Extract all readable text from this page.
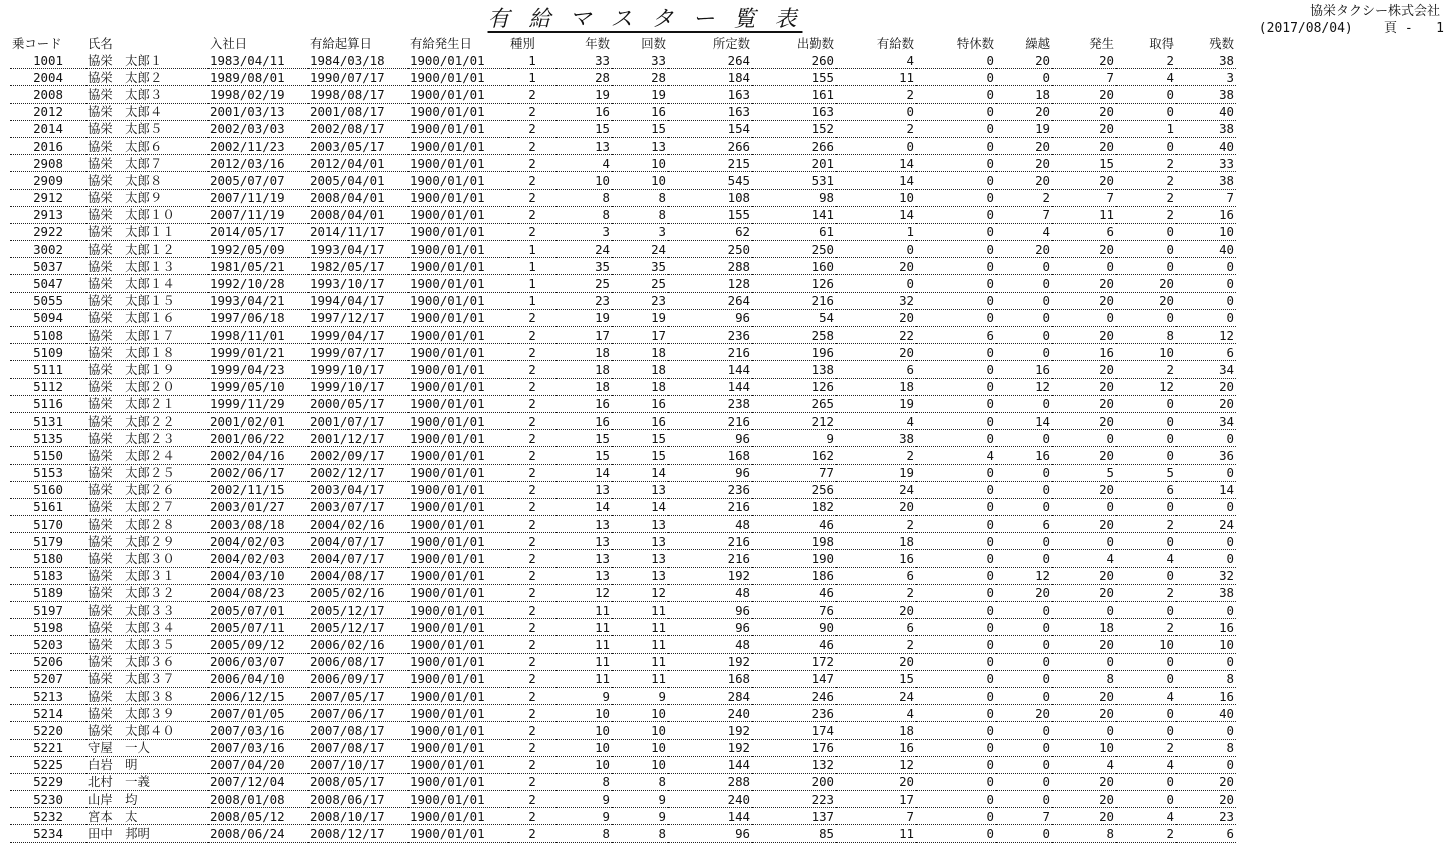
有 給 マ ス タ ー 覧 表	協栄タクシー株式会社
(2017/08/04) 頁 - 1
乗コード	氏名	入社日	有給起算日	有給発生日	種別	年数	回数	所定数	出勤数	有給数	特休数	繰越	発生	取得	残数
1001	協栄　太郎１	1983/04/11	1984/03/18	1900/01/01	1	33	33	264	260	4	0	20	20	2	38
2004	協栄　太郎２	1989/08/01	1990/07/17	1900/01/01	1	28	28	184	155	11	0	0	7	4	3
2008	協栄　太郎３	1998/02/19	1998/08/17	1900/01/01	2	19	19	163	161	2	0	18	20	0	38
2012	協栄　太郎４	2001/03/13	2001/08/17	1900/01/01	2	16	16	163	163	0	0	20	20	0	40
2014	協栄　太郎５	2002/03/03	2002/08/17	1900/01/01	2	15	15	154	152	2	0	19	20	1	38
2016	協栄　太郎６	2002/11/23	2003/05/17	1900/01/01	2	13	13	266	266	0	0	20	20	0	40
2908	協栄　太郎７	2012/03/16	2012/04/01	1900/01/01	2	4	10	215	201	14	0	20	15	2	33
2909	協栄　太郎８	2005/07/07	2005/04/01	1900/01/01	2	10	10	545	531	14	0	20	20	2	38
2912	協栄　太郎９	2007/11/19	2008/04/01	1900/01/01	2	8	8	108	98	10	0	2	7	2	7
2913	協栄　太郎１０	2007/11/19	2008/04/01	1900/01/01	2	8	8	155	141	14	0	7	11	2	16
2922	協栄　太郎１１	2014/05/17	2014/11/17	1900/01/01	2	3	3	62	61	1	0	4	6	0	10
3002	協栄　太郎１２	1992/05/09	1993/04/17	1900/01/01	1	24	24	250	250	0	0	20	20	0	40
5037	協栄　太郎１３	1981/05/21	1982/05/17	1900/01/01	1	35	35	288	160	20	0	0	0	0	0
5047	協栄　太郎１４	1992/10/28	1993/10/17	1900/01/01	1	25	25	128	126	0	0	0	20	20	0
5055	協栄　太郎１５	1993/04/21	1994/04/17	1900/01/01	1	23	23	264	216	32	0	0	20	20	0
5094	協栄　太郎１６	1997/06/18	1997/12/17	1900/01/01	2	19	19	96	54	20	0	0	0	0	0
5108	協栄　太郎１７	1998/11/01	1999/04/17	1900/01/01	2	17	17	236	258	22	6	0	20	8	12
5109	協栄　太郎１８	1999/01/21	1999/07/17	1900/01/01	2	18	18	216	196	20	0	0	16	10	6
5111	協栄　太郎１９	1999/04/23	1999/10/17	1900/01/01	2	18	18	144	138	6	0	16	20	2	34
5112	協栄　太郎２０	1999/05/10	1999/10/17	1900/01/01	2	18	18	144	126	18	0	12	20	12	20
5116	協栄　太郎２１	1999/11/29	2000/05/17	1900/01/01	2	16	16	238	265	19	0	0	20	0	20
5131	協栄　太郎２２	2001/02/01	2001/07/17	1900/01/01	2	16	16	216	212	4	0	14	20	0	34
5135	協栄　太郎２３	2001/06/22	2001/12/17	1900/01/01	2	15	15	96	9	38	0	0	0	0	0
5150	協栄　太郎２４	2002/04/16	2002/09/17	1900/01/01	2	15	15	168	162	2	4	16	20	0	36
5153	協栄　太郎２５	2002/06/17	2002/12/17	1900/01/01	2	14	14	96	77	19	0	0	5	5	0
5160	協栄　太郎２６	2002/11/15	2003/04/17	1900/01/01	2	13	13	236	256	24	0	0	20	6	14
5161	協栄　太郎２７	2003/01/27	2003/07/17	1900/01/01	2	14	14	216	182	20	0	0	0	0	0
5170	協栄　太郎２８	2003/08/18	2004/02/16	1900/01/01	2	13	13	48	46	2	0	6	20	2	24
5179	協栄　太郎２９	2004/02/03	2004/07/17	1900/01/01	2	13	13	216	198	18	0	0	0	0	0
5180	協栄　太郎３０	2004/02/03	2004/07/17	1900/01/01	2	13	13	216	190	16	0	0	4	4	0
5183	協栄　太郎３１	2004/03/10	2004/08/17	1900/01/01	2	13	13	192	186	6	0	12	20	0	32
5189	協栄　太郎３２	2004/08/23	2005/02/16	1900/01/01	2	12	12	48	46	2	0	20	20	2	38
5197	協栄　太郎３３	2005/07/01	2005/12/17	1900/01/01	2	11	11	96	76	20	0	0	0	0	0
5198	協栄　太郎３４	2005/07/11	2005/12/17	1900/01/01	2	11	11	96	90	6	0	0	18	2	16
5203	協栄　太郎３５	2005/09/12	2006/02/16	1900/01/01	2	11	11	48	46	2	0	0	20	10	10
5206	協栄　太郎３６	2006/03/07	2006/08/17	1900/01/01	2	11	11	192	172	20	0	0	0	0	0
5207	協栄　太郎３７	2006/04/10	2006/09/17	1900/01/01	2	11	11	168	147	15	0	0	8	0	8
5213	協栄　太郎３８	2006/12/15	2007/05/17	1900/01/01	2	9	9	284	246	24	0	0	20	4	16
5214	協栄　太郎３９	2007/01/05	2007/06/17	1900/01/01	2	10	10	240	236	4	0	20	20	0	40
5220	協栄　太郎４０	2007/03/16	2007/08/17	1900/01/01	2	10	10	192	174	18	0	0	0	0	0
5221	守屋　一人	2007/03/16	2007/08/17	1900/01/01	2	10	10	192	176	16	0	0	10	2	8
5225	白岩　明	2007/04/20	2007/10/17	1900/01/01	2	10	10	144	132	12	0	0	4	4	0
5229	北村　一義	2007/12/04	2008/05/17	1900/01/01	2	8	8	288	200	20	0	0	20	0	20
5230	山岸　均	2008/01/08	2008/06/17	1900/01/01	2	9	9	240	223	17	0	0	20	0	20
5232	宮本　太	2008/05/12	2008/10/17	1900/01/01	2	9	9	144	137	7	0	7	20	4	23
5234	田中　邦明	2008/06/24	2008/12/17	1900/01/01	2	8	8	96	85	11	0	0	8	2	6
